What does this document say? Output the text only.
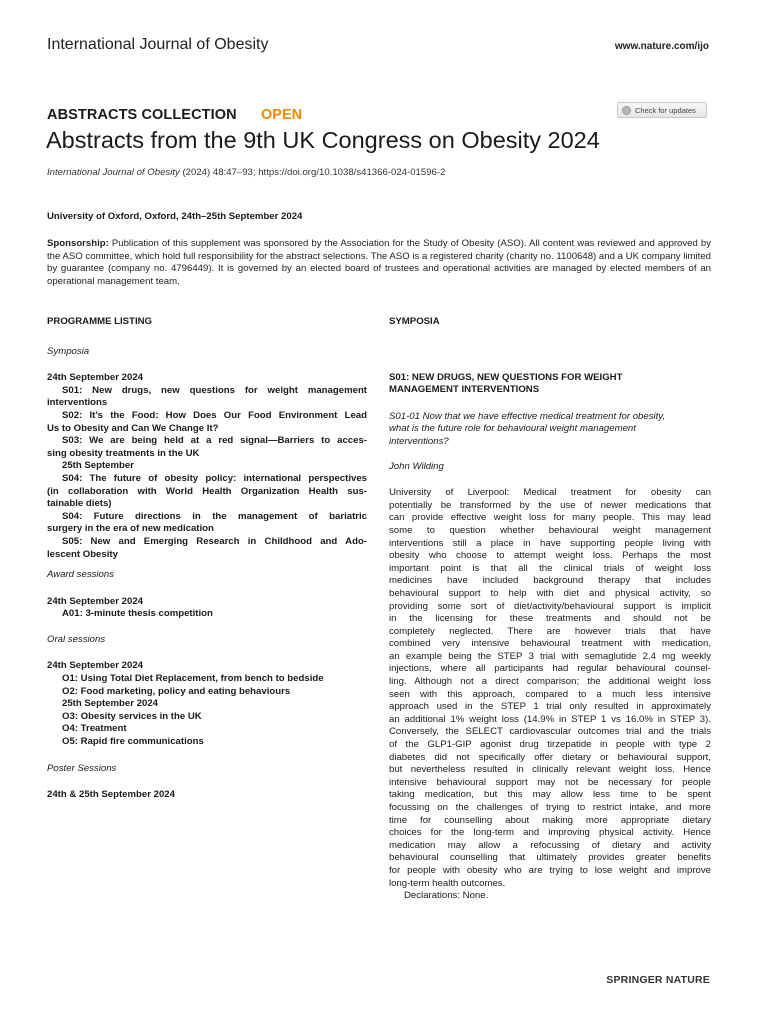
International Journal of Obesity	www.nature.com/ijo
ABSTRACTS COLLECTION OPEN	Check for updates
Abstracts from the 9th UK Congress on Obesity 2024
International Journal of Obesity (2024) 48:47–93; https://doi.org/10.1038/s41366-024-01596-2
University of Oxford, Oxford, 24th–25th September 2024
Sponsorship: Publication of this supplement was sponsored by the Association for the Study of Obesity (ASO). All content was reviewed and approved by the ASO committee, which hold full responsibility for the abstract selections. The ASO is a registered charity (charity no. 1100648) and a UK company limited by guarantee (company no. 4796449). It is governed by an elected board of trustees and operational activities are managed by elected members of an operational management team.
PROGRAMME LISTING
Symposia
24th September 2024
S01: New drugs, new questions for weight management
interventions
S02: It’s the Food: How Does Our Food Environment Lead
Us to Obesity and Can We Change It?
S03: We are being held at a red signal—Barriers to acces-
sing obesity treatments in the UK
25th September
S04: The future of obesity policy: international perspectives
(in collaboration with World Health Organization Health sus-
tainable diets)
S04: Future directions in the management of bariatric
surgery in the era of new medication
S05: New and Emerging Research in Childhood and Ado-
lescent Obesity
Award sessions
24th September 2024
A01: 3-minute thesis competition
Oral sessions
24th September 2024
O1: Using Total Diet Replacement, from bench to bedside
O2: Food marketing, policy and eating behaviours
25th September 2024
O3: Obesity services in the UK
O4: Treatment
O5: Rapid fire communications
Poster Sessions
24th & 25th September 2024
SYMPOSIA
S01: NEW DRUGS, NEW QUESTIONS FOR WEIGHT
MANAGEMENT INTERVENTIONS
S01-01 Now that we have effective medical treatment for obesity,
what is the future role for behavioural weight management
interventions?
John Wilding
University of Liverpool: Medical treatment for obesity can
potentially be transformed by the use of newer medications that
can provide effective weight loss for many people. This may lead
some to question whether behavioural weight management
interventions still a place in have supporting people living with
obesity who choose to attempt weight loss. Perhaps the most
important point is that all the clinical trials of weight loss
medicines have included background therapy that includes
behavioural support to help with diet and physical activity, so
providing some sort of diet/activity/behavioural support is implicit
in the licensing for these treatments and should not be
completely neglected. There are however trials that have
combined very intensive behavioural treatment with medication,
an example being the STEP 3 trial with semaglutide 2.4 mg weekly
injections, where all participants had regular behavioural counsel-
ling. Although not a direct comparison; the additional weight loss
seen with this approach, compared to a much less intensive
approach used in the STEP 1 trial only resulted in approximately
an additional 1% weight loss (14.9% in STEP 1 vs 16.0% in STEP 3).
Conversely, the SELECT cardiovascular outcomes trial and the trials
of the GLP1-GIP agonist drug tirzepatide in people with type 2
diabetes did not specifically offer dietary or behavioural support,
but nevertheless resulted in clinically relevant weight loss. Hence
intensive behavioural support may not be necessary for people
taking medication, but this may allow less time to be spent
focussing on the challenges of trying to restrict intake, and more
time for counselling about making more appropriate dietary
choices for the long-term and improving physical activity. Hence
medication may allow a refocussing of dietary and activity
behavioural counselling that ultimately provides greater benefits
for people with obesity who are trying to lose weight and improve
long-term health outcomes.
Declarations: None.
SPRINGER NATURE
